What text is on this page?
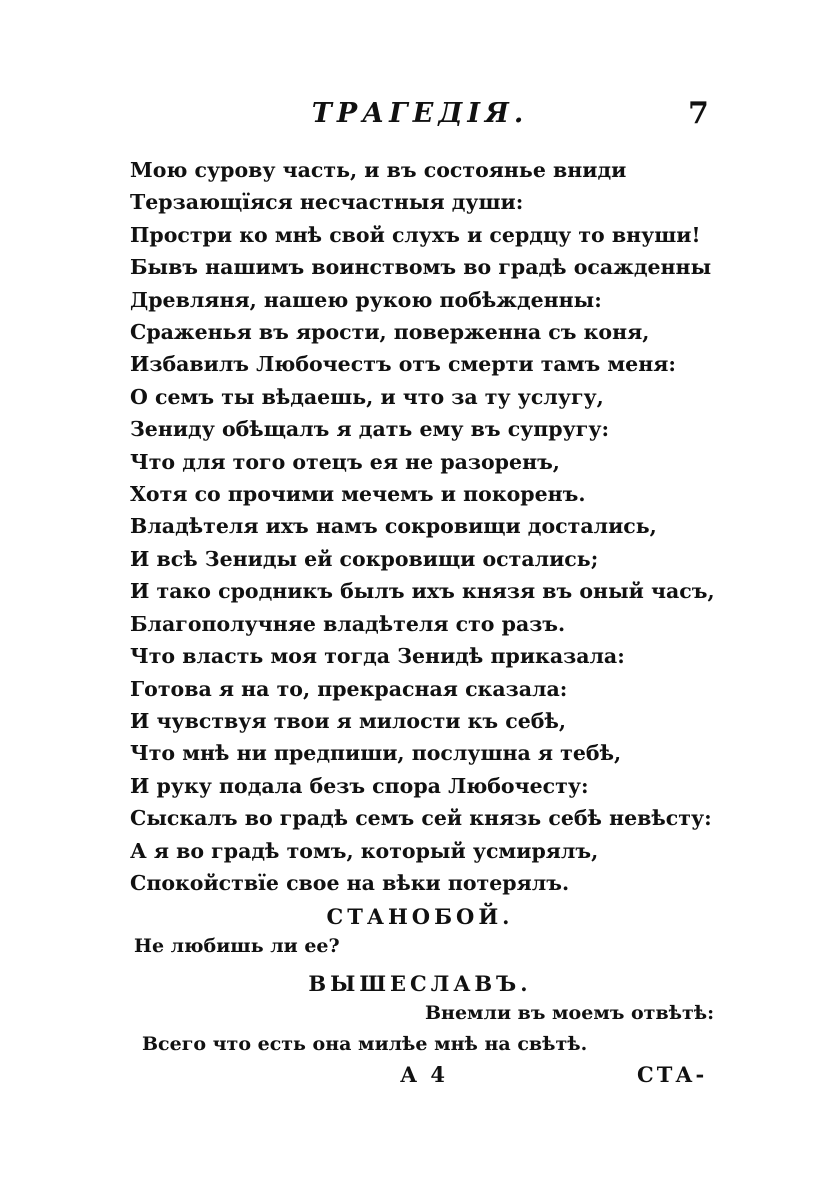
ТРАГЕДІЯ.	7
Мою сурову часть, и въ состоянье вниди
Терзающїяся несчастныя души:
Простри ко мнѣ свой слухъ и сердцу то внуши!
Бывъ нашимъ воинствомъ во градѣ осажденны
Древляня, нашею рукою побѣжденны:
Сраженья въ ярости, поверженна съ коня,
Избавилъ Любочестъ отъ смерти тамъ меня:
О семъ ты вѣдаешь, и что за ту услугу,
Зениду обѣщалъ я дать ему въ супругу:
Что для того отецъ ея не разоренъ,
Хотя со прочими мечемъ и покоренъ.
Владѣтеля ихъ намъ сокровищи достались,
И всѣ Зениды ей сокровищи остались;
И тако сродникъ былъ ихъ князя въ оный часъ,
Благополучняе владѣтеля сто разъ.
Что власть моя тогда Зенидѣ приказала:
Готова я на то, прекрасная сказала:
И чувствуя твои я милости къ себѣ,
Что мнѣ ни предпиши, послушна я тебѣ,
И руку подала безъ спора Любочесту:
Сыскалъ во градѣ семъ сей князь себѣ невѣсту:
А я во градѣ томъ, который усмирялъ,
Спокойствїе свое на вѣки потерялъ.
СТАНОБОЙ.
Не любишь ли ее?
ВЫШЕСЛАВЪ.
Внемли въ моемъ отвѣтѣ:
Всего что есть она милѣе мнѣ на свѣтѣ.
А 4	СТА-
